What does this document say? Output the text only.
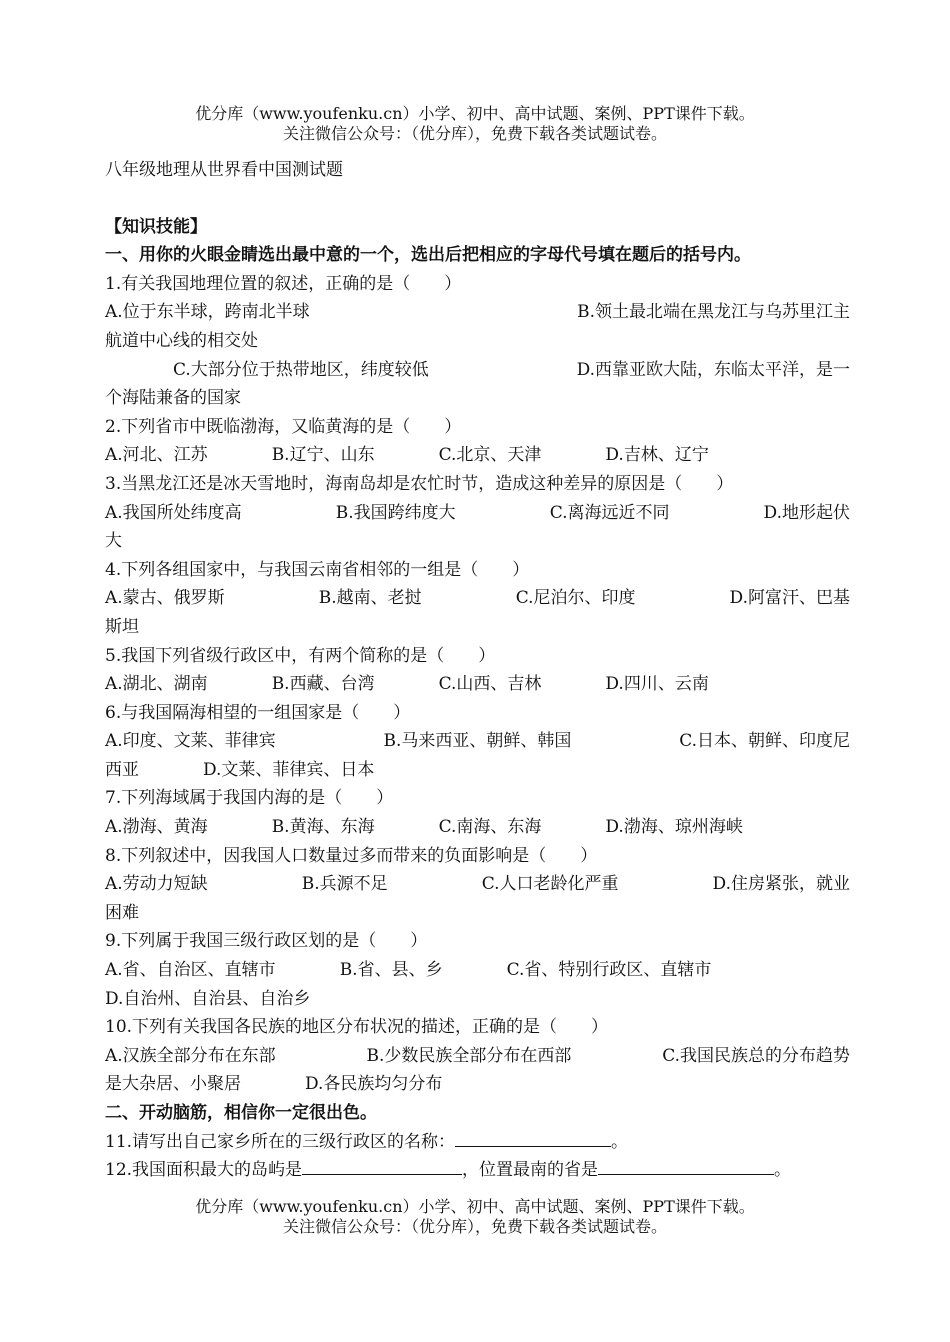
优分库（www.youfenku.cn）小学、初中、高中试题、案例、PPT课件下载。
关注微信公众号：（优分库），免费下载各类试题试卷。
八年级地理从世界看中国测试题
【知识技能】
一、用你的火眼金睛选出最中意的一个，选出后把相应的字母代号填在题后的括号内。
1.有关我国地理位置的叙述，正确的是（　　）
A.位于东半球，跨南北半球	B.领土最北端在黑龙江与乌苏里江主
航道中心线的相交处
C.大部分位于热带地区，纬度较低	D.西靠亚欧大陆，东临太平洋，是一
个海陆兼备的国家
2.下列省市中既临渤海，又临黄海的是（　　）
A.河北、江苏	B.辽宁、山东	C.北京、天津	D.吉林、辽宁
3.当黑龙江还是冰天雪地时，海南岛却是农忙时节，造成这种差异的原因是（　　）
A.我国所处纬度高	B.我国跨纬度大	C.离海远近不同	D.地形起伏
大
4.下列各组国家中，与我国云南省相邻的一组是（　　）
A.蒙古、俄罗斯	B.越南、老挝	C.尼泊尔、印度	D.阿富汗、巴基
斯坦
5.我国下列省级行政区中，有两个简称的是（　　）
A.湖北、湖南	B.西藏、台湾	C.山西、吉林	D.四川、云南
6.与我国隔海相望的一组国家是（　　）
A.印度、文莱、菲律宾	B.马来西亚、朝鲜、韩国	C.日本、朝鲜、印度尼
西亚	D.文莱、菲律宾、日本
7.下列海域属于我国内海的是（　　）
A.渤海、黄海	B.黄海、东海	C.南海、东海	D.渤海、琼州海峡
8.下列叙述中，因我国人口数量过多而带来的负面影响是（　　）
A.劳动力短缺	B.兵源不足	C.人口老龄化严重	D.住房紧张，就业
困难
9.下列属于我国三级行政区划的是（　　）
A.省、自治区、直辖市	B.省、县、乡	C.省、特别行政区、直辖市
D.自治州、自治县、自治乡
10.下列有关我国各民族的地区分布状况的描述，正确的是（　　）
A.汉族全部分布在东部	B.少数民族全部分布在西部	C.我国民族总的分布趋势
是大杂居、小聚居	D.各民族均匀分布
二、开动脑筋，相信你一定很出色。
11.请写出自己家乡所在的三级行政区的名称：	。
12.我国面积最大的岛屿是	，位置最南的省是	。
优分库（www.youfenku.cn）小学、初中、高中试题、案例、PPT课件下载。
关注微信公众号：（优分库），免费下载各类试题试卷。
